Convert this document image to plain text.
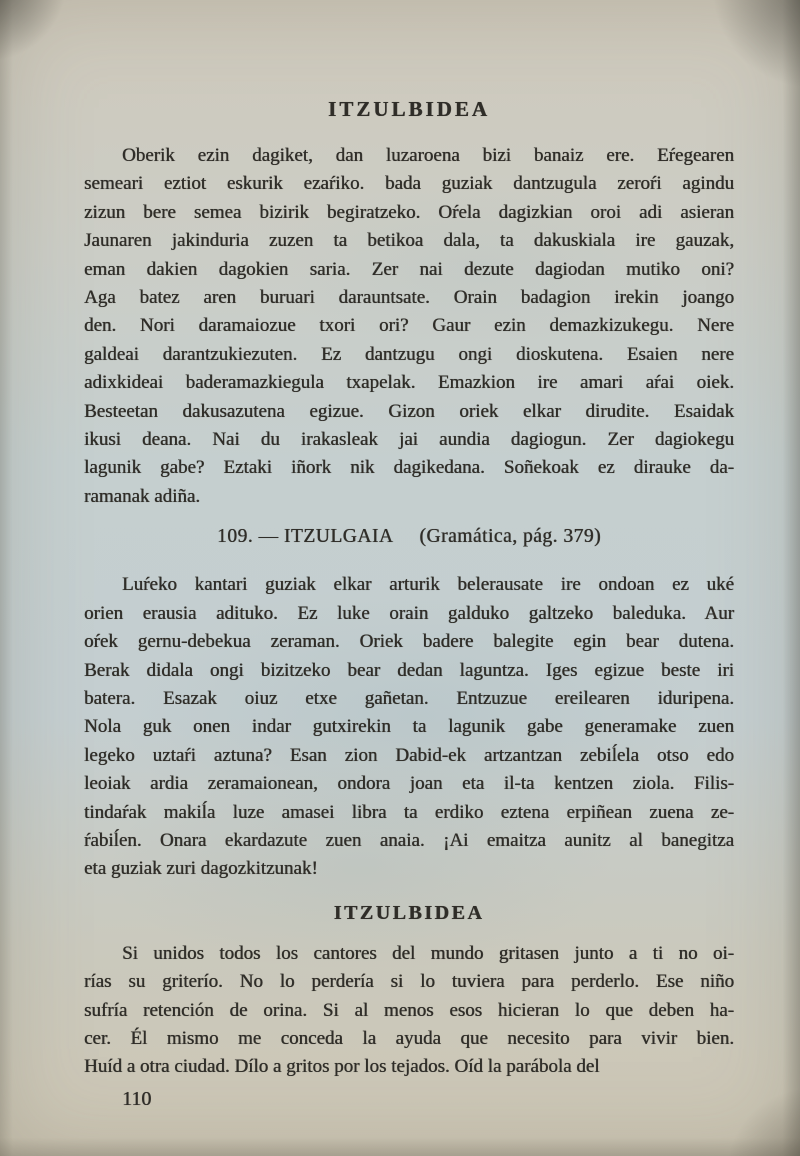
ITZULBIDEA
Oberik ezin dagiket, dan luzaroena bizi banaiz ere. Eŕegearen
semeari eztiot eskurik ezaŕiko. bada guziak dantzugula zeroŕi agindu
zizun bere semea bizirik begiratzeko. Oŕela dagizkian oroi adi asieran
Jaunaren jakinduria zuzen ta betikoa dala, ta dakuskiala ire gauzak,
eman dakien dagokien saria. Zer nai dezute dagiodan mutiko oni?
Aga batez aren buruari darauntsate. Orain badagion irekin joango
den. Nori daramaiozue txori ori? Gaur ezin demazkizukegu. Nere
galdeai darantzukiezuten. Ez dantzugu ongi dioskutena. Esaien nere
adixkideai baderamazkiegula txapelak. Emazkion ire amari aŕai oiek.
Besteetan dakusazutena egizue. Gizon oriek elkar dirudite. Esaidak
ikusi deana. Nai du irakasleak jai aundia dagiogun. Zer dagiokegu
lagunik gabe? Eztaki iñork nik dagikedana. Soñekoak ez dirauke da-
ramanak adiña.
109. — ITZULGAIA (Gramática, pág. 379)
Luŕeko kantari guziak elkar arturik belerausate ire ondoan ez uké
orien erausia adituko. Ez luke orain galduko galtzeko baleduka. Aur
oŕek gernu-debekua zeraman. Oriek badere balegite egin bear dutena.
Berak didala ongi bizitzeko bear dedan laguntza. Iges egizue beste iri
batera. Esazak oiuz etxe gañetan. Entzuzue ereilearen iduripena.
Nola guk onen indar gutxirekin ta lagunik gabe generamake zuen
legeko uztaŕi aztuna? Esan zion Dabid-ek artzantzan zebiĺela otso edo
leoiak ardia zeramaionean, ondora joan eta il-ta kentzen ziola. Filis-
tindaŕak makiĺa luze amasei libra ta erdiko eztena erpiñean zuena ze-
ŕabiĺen. Onara ekardazute zuen anaia. ¡Ai emaitza aunitz al banegitza
eta guziak zuri dagozkitzunak!
ITZULBIDEA
Si unidos todos los cantores del mundo gritasen junto a ti no oi-
rías su griterío. No lo perdería si lo tuviera para perderlo. Ese niño
sufría retención de orina. Si al menos esos hicieran lo que deben ha-
cer. Él mismo me conceda la ayuda que necesito para vivir bien.
Huíd a otra ciudad. Dílo a gritos por los tejados. Oíd la parábola del
110
